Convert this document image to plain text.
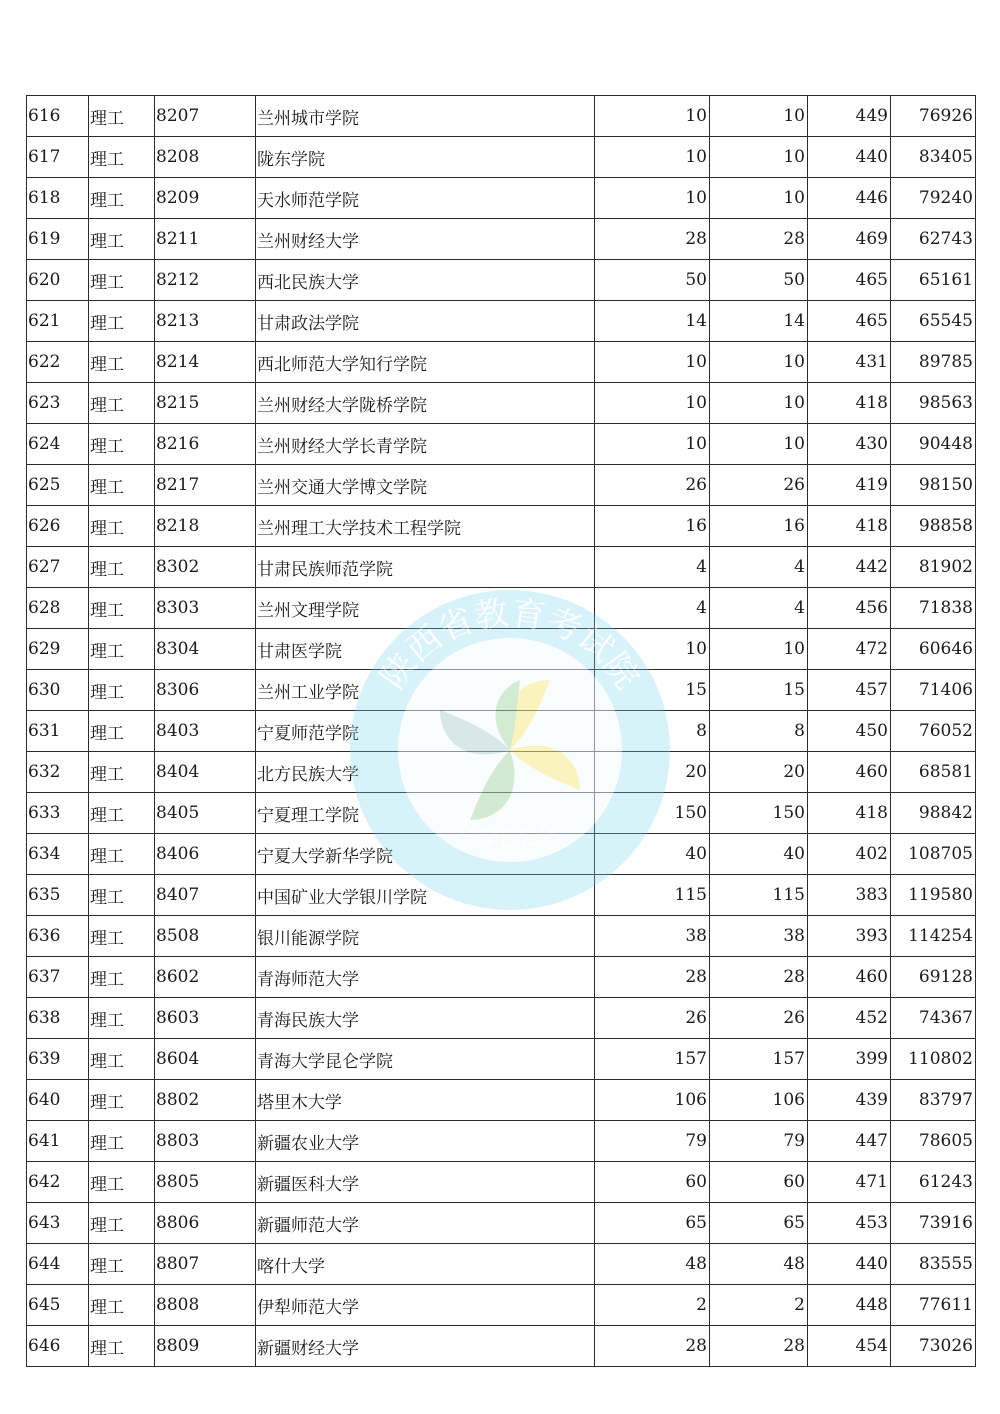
616	理工	8207	兰州城市学院	10	10	449	76926
617	理工	8208	陇东学院	10	10	440	83405
618	理工	8209	天水师范学院	10	10	446	79240
619	理工	8211	兰州财经大学	28	28	469	62743
620	理工	8212	西北民族大学	50	50	465	65161
621	理工	8213	甘肃政法学院	14	14	465	65545
622	理工	8214	西北师范大学知行学院	10	10	431	89785
623	理工	8215	兰州财经大学陇桥学院	10	10	418	98563
624	理工	8216	兰州财经大学长青学院	10	10	430	90448
625	理工	8217	兰州交通大学博文学院	26	26	419	98150
626	理工	8218	兰州理工大学技术工程学院	16	16	418	98858
627	理工	8302	甘肃民族师范学院	4	4	442	81902
628	理工	8303	兰州文理学院	4	4	456	71838
629	理工	8304	甘肃医学院	10	10	472	60646
630	理工	8306	兰州工业学院	15	15	457	71406
631	理工	8403	宁夏师范学院	8	8	450	76052
632	理工	8404	北方民族大学	20	20	460	68581
633	理工	8405	宁夏理工学院	150	150	418	98842
634	理工	8406	宁夏大学新华学院	40	40	402	108705
635	理工	8407	中国矿业大学银川学院	115	115	383	119580
636	理工	8508	银川能源学院	38	38	393	114254
637	理工	8602	青海师范大学	28	28	460	69128
638	理工	8603	青海民族大学	26	26	452	74367
639	理工	8604	青海大学昆仑学院	157	157	399	110802
640	理工	8802	塔里木大学	106	106	439	83797
641	理工	8803	新疆农业大学	79	79	447	78605
642	理工	8805	新疆医科大学	60	60	471	61243
643	理工	8806	新疆师范大学	65	65	453	73916
644	理工	8807	喀什大学	48	48	440	83555
645	理工	8808	伊犁师范大学	2	2	448	77611
646	理工	8809	新疆财经大学	28	28	454	73026
陕西省教育考试院
SNEEA
